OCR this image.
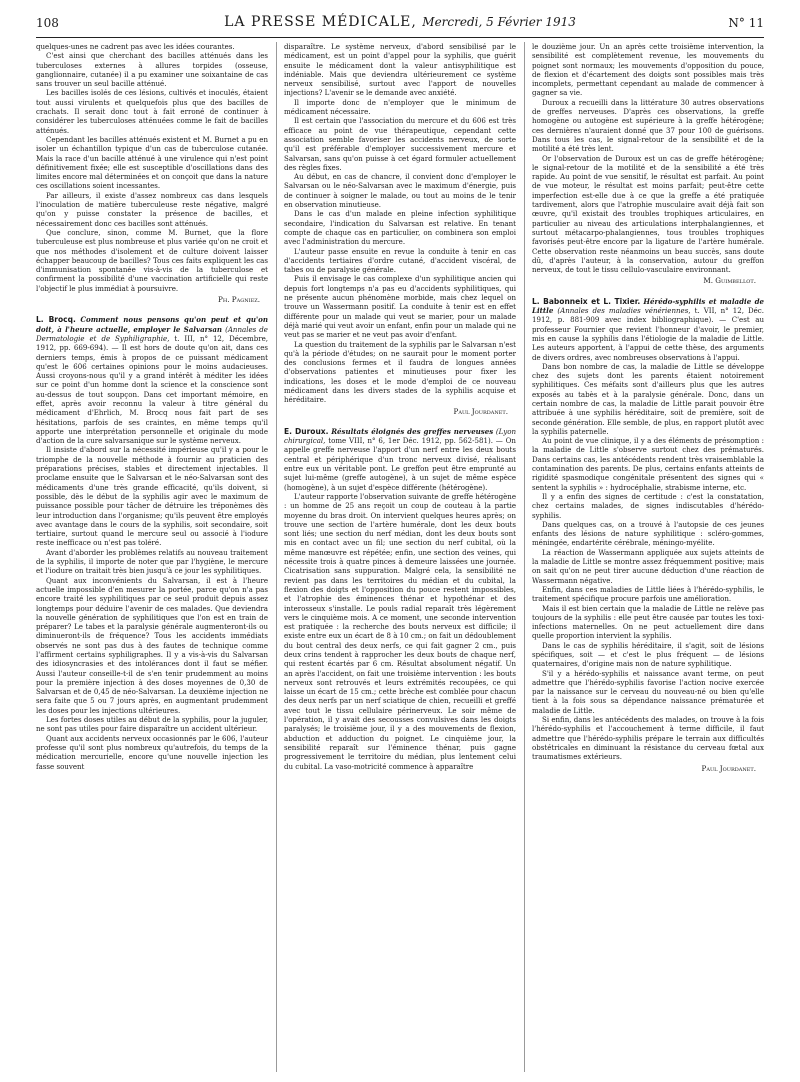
108	LA PRESSE MÉDICALE, Mercredi, 5 Février 1913	N° 11

quelques-unes ne cadrent pas avec les idées courantes.

C'est ainsi que cherchant des bacilles atténués dans les tuberculoses externes à allures torpides (osseuse, ganglionnaire, cutanée) il a pu examiner une soixantaine de cas sans trouver un seul bacille atténué.

Les bacilles isolés de ces lésions, cultivés et inoculés, étaient tout aussi virulents et quelquefois plus que des bacilles de crachats. Il serait donc tout à fait erroné de continuer à considérer les tuberculoses atténuées comme le fait de bacilles atténués.

Cependant les bacilles atténués existent et M. Burnet a pu en isoler un échantillon typique d'un cas de tuberculose cutanée. Mais la race d'un bacille atténué à une virulence qui n'est point définitivement fixée; elle est susceptible d'oscillations dans des limites encore mal déterminées et on conçoit que dans la nature ces oscillations soient incessantes.

Par ailleurs, il existe d'assez nombreux cas dans lesquels l'inoculation de matière tuberculeuse reste négative, malgré qu'on y puisse constater la présence de bacilles, et nécessairement donc ces bacilles sont atténués.

Que conclure, sinon, comme M. Burnet, que la flore tuberculeuse est plus nombreuse et plus variée qu'on ne croit et que nos méthodes d'isolement et de culture doivent laisser échapper beaucoup de bacilles? Tous ces faits expliquent les cas d'immunisation spontanée vis-à-vis de la tuberculose et confirment la possibilité d'une vaccination artificielle qui reste l'objectif le plus immédiat à poursuivre.

Ph. Pagniez.

L. Brocq. Comment nous pensons qu'on peut et qu'on doit, à l'heure actuelle, employer le Salvarsan (Annales de Dermatologie et de Syphiligraphie, t. III, n° 12, Décembre, 1912, pp. 669-694). — Il est hors de doute qu'on ait, dans ces derniers temps, émis à propos de ce puissant médicament qu'est le 606 certaines opinions pour le moins audacieuses. Aussi croyons-nous qu'il y a grand intérêt à méditer les idées sur ce point d'un homme dont la science et la conscience sont au-dessus de tout soupçon. Dans cet important mémoire, en effet, après avoir reconnu la valeur à titre général du médicament d'Ehrlich, M. Brocq nous fait part de ses hésitations, parfois de ses craintes, en même temps qu'il apporte une interprétation personnelle et originale du mode d'action de la cure salvarsanique sur le système nerveux.

Il insiste d'abord sur la nécessité impérieuse qu'il y a pour le triomphe de la nouvelle méthode à fournir au praticien des préparations précises, stables et directement injectables. Il proclame ensuite que le Salvarsan et le néo-Salvarsan sont des médicaments d'une très grande efficacité, qu'ils doivent, si possible, dès le début de la syphilis agir avec le maximum de puissance possible pour tâcher de détruire les tréponèmes dès leur introduction dans l'organisme; qu'ils peuvent être employés avec avantage dans le cours de la syphilis, soit secondaire, soit tertiaire, surtout quand le mercure seul ou associé à l'iodure reste inefficace ou n'est pas toléré.

Avant d'aborder les problèmes relatifs au nouveau traitement de la syphilis, il importe de noter que par l'hygiène, le mercure et l'iodure on traitait très bien jusqu'à ce jour les syphilitiques.

Quant aux inconvénients du Salvarsan, il est à l'heure actuelle impossible d'en mesurer la portée, parce qu'on n'a pas encore traité les syphilitiques par ce seul produit depuis assez longtemps pour déduire l'avenir de ces malades. Que deviendra la nouvelle génération de syphilitiques que l'on est en train de préparer? Le tabes et la paralysie générale augmenteront-ils ou diminueront-ils de fréquence? Tous les accidents immédiats observés ne sont pas dus à des fautes de technique comme l'affirment certains syphiligraphes. Il y a vis-à-vis du Salvarsan des idiosyncrasies et des intolérances dont il faut se méfier. Aussi l'auteur conseille-t-il de s'en tenir prudemment au moins pour la première injection à des doses moyennes de 0,30 de Salvarsan et de 0,45 de néo-Salvarsan. La deuxième injection ne sera faite que 5 ou 7 jours après, en augmentant prudemment les doses pour les injections ultérieures.

Les fortes doses utiles au début de la syphilis, pour la juguler, ne sont pas utiles pour faire disparaître un accident ultérieur.

Quant aux accidents nerveux occasionnés par le 606, l'auteur professe qu'il sont plus nombreux qu'autrefois, du temps de la médication mercurielle, encore qu'une nouvelle injection les fasse souvent

disparaître. Le système nerveux, d'abord sensibilisé par le médicament, est un point d'appel pour la syphilis, que guérit ensuite le médicament dont la valeur antisyphilitique est indéniable. Mais que deviendra ultérieurement ce système nerveux sensibilisé, surtout avec l'apport de nouvelles injections? L'avenir se le demande avec anxiété.

Il importe donc de n'employer que le minimum de médicament nécessaire.

Il est certain que l'association du mercure et du 606 est très efficace au point de vue thérapeutique, cependant cette association semble favoriser les accidents nerveux, de sorte qu'il est préférable d'employer successivement mercure et Salvarsan, sans qu'on puisse à cet égard formuler actuellement des règles fixes.

Au début, en cas de chancre, il convient donc d'employer le Salvarsan ou le néo-Salvarsan avec le maximum d'énergie, puis de continuer à soigner le malade, ou tout au moins de le tenir en observation minutieuse.

Dans le cas d'un malade en pleine infection syphilitique secondaire, l'indication du Salvarsan est relative. En tenant compte de chaque cas en particulier, on combinera son emploi avec l'administration du mercure.

L'auteur passe ensuite en revue la conduite à tenir en cas d'accidents tertiaires d'ordre cutané, d'accident viscéral, de tabes ou de paralysie générale.

Puis il envisage le cas complexe d'un syphilitique ancien qui depuis fort longtemps n'a pas eu d'accidents syphilitiques, qui ne présente aucun phénomène morbide, mais chez lequel on trouve un Wassermann positif. La conduite à tenir est en effet différente pour un malade qui veut se marier, pour un malade déjà marié qui veut avoir un enfant, enfin pour un malade qui ne veut pas se marier et ne veut pas avoir d'enfant.

La question du traitement de la syphilis par le Salvarsan n'est qu'à la période d'études; on ne saurait pour le moment porter des conclusions fermes et il faudra de longues années d'observations patientes et minutieuses pour fixer les indications, les doses et le mode d'emploi de ce nouveau médicament dans les divers stades de la syphilis acquise et héréditaire.

Paul Jourdanet.

E. Duroux. Résultats éloignés des greffes nerveuses (Lyon chirurgical, tome VIII, n° 6, 1er Déc. 1912, pp. 562-581). — On appelle greffe nerveuse l'apport d'un nerf entre les deux bouts central et périphérique d'un tronc nerveux divisé, réalisant entre eux un véritable pont. Le greffon peut être emprunté au sujet lui-même (greffe autogène), à un sujet de même espèce (homogène), à un sujet d'espèce différente (hétérogène).

L'auteur rapporte l'observation suivante de greffe hétérogène : un homme de 25 ans reçoit un coup de couteau à la partie moyenne du bras droit. On intervient quelques heures après; on trouve une section de l'artère humérale, dont les deux bouts sont liés; une section du nerf médian, dont les deux bouts sont mis en contact avec un fil; une section du nerf cubital, où la même manœuvre est répétée; enfin, une section des veines, qui nécessite trois à quatre pinces à demeure laissées une journée. Cicatrisation sans suppuration. Malgré cela, la sensibilité ne revient pas dans les territoires du médian et du cubital, la flexion des doigts et l'opposition du pouce restent impossibles, et l'atrophie des éminences thénar et hypothénar et des interosseux s'installe. Le pouls radial reparaît très légèrement vers le cinquième mois. A ce moment, une seconde intervention est pratiquée : la recherche des bouts nerveux est difficile; il existe entre eux un écart de 8 à 10 cm.; on fait un dédoublement du bout central des deux nerfs, ce qui fait gagner 2 cm., puis deux crins tendent à rapprocher les deux bouts de chaque nerf, qui restent écartés par 6 cm. Résultat absolument négatif. Un an après l'accident, on fait une troisième intervention : les bouts nerveux sont retrouvés et leurs extrémités recoupées, ce qui laisse un écart de 15 cm.; cette brèche est comblée pour chacun des deux nerfs par un nerf sciatique de chien, recueilli et greffé avec tout le tissu cellulaire périnerveux. Le soir même de l'opération, il y avait des secousses convulsives dans les doigts paralysés; le troisième jour, il y a des mouvements de flexion, abduction et adduction du poignet. Le cinquième jour, la sensibilité reparaît sur l'éminence thénar, puis gagne progressivement le territoire du médian, plus lentement celui du cubital. La vaso-motricité commence à apparaître

le douzième jour. Un an après cette troisième intervention, la sensibilité est complètement revenue, les mouvements du poignet sont normaux; les mouvements d'opposition du pouce, de flexion et d'écartement des doigts sont possibles mais très incomplets, permettant cependant au malade de commencer à gagner sa vie.

Duroux a recueilli dans la littérature 30 autres observations de greffes nerveuses. D'après ces observations, la greffe homogène ou autogène est supérieure à la greffe hétérogène; ces dernières n'auraient donné que 37 pour 100 de guérisons. Dans tous les cas, le signal-retour de la sensibilité et de la motilité a été très lent.

Or l'observation de Duroux est un cas de greffe hétérogène; le signal-retour de la motilité et de la sensibilité a été très rapide. Au point de vue sensitif, le résultat est parfait. Au point de vue moteur, le résultat est moins parfait; peut-être cette imperfection est-elle due à ce que la greffe a été pratiquée tardivement, alors que l'atrophie musculaire avait déjà fait son œuvre, qu'il existait des troubles trophiques articulaires, en particulier au niveau des articulations interphalangiennes, et surtout métacarpo-phalangiennes, tous troubles trophiques favorisés peut-être encore par la ligature de l'artère humérale. Cette observation reste néanmoins un beau succès, sans doute dû, d'après l'auteur, à la conservation, autour du greffon nerveux, de tout le tissu cellulo-vasculaire environnant.

M. Guimbellot.

L. Babonneix et L. Tixier. Hérédo-syphilis et maladie de Little (Annales des maladies vénériennes, t. VII, n° 12, Déc. 1912, p. 881-909 avec index bibliographique). — C'est au professeur Fournier que revient l'honneur d'avoir, le premier, mis en cause la syphilis dans l'étiologie de la maladie de Little. Les auteurs apportent, à l'appui de cette thèse, des arguments de divers ordres, avec nombreuses observations à l'appui.

Dans bon nombre de cas, la maladie de Little se développe chez des sujets dont les parents étaient notoirement syphilitiques. Ces méfaits sont d'ailleurs plus que les autres exposés au tabès et à la paralysie générale. Donc, dans un certain nombre de cas, la maladie de Little parait pouvoir être attribuée à une syphilis héréditaire, soit de première, soit de seconde génération. Elle semble, de plus, en rapport plutôt avec la syphilis paternelle.

Au point de vue clinique, il y a des éléments de présomption : la maladie de Little s'observe surtout chez des prématurés. Dans certains cas, les antécédents rendent très vraisemblable la contamination des parents. De plus, certains enfants atteints de rigidité spasmodique congénitale présentent des signes qui « sentent la syphilis » : hydrocéphalie, strabisme interne, etc.

Il y a enfin des signes de certitude : c'est la constatation, chez certains malades, de signes indiscutables d'hérédo-syphilis.

Dans quelques cas, on a trouvé à l'autopsie de ces jeunes enfants des lésions de nature syphilitique : scléro-gommes, méningée, endartérite cérébrale, méningo-myélite.

La réaction de Wassermann appliquée aux sujets atteints de la maladie de Little se montre assez fréquemment positive; mais on sait qu'on ne peut tirer aucune déduction d'une réaction de Wassermann négative.

Enfin, dans ces maladies de Little liées à l'hérédo-syphilis, le traitement spécifique procure parfois une amélioration.

Mais il est bien certain que la maladie de Little ne relève pas toujours de la syphilis : elle peut être causée par toutes les toxi-infections maternelles. On ne peut actuellement dire dans quelle proportion intervient la syphilis.

Dans le cas de syphilis héréditaire, il s'agit, soit de lésions spécifiques, soit — et c'est le plus fréquent — de lésions quaternaires, d'origine mais non de nature syphilitique.

S'il y a hérédo-syphilis et naissance avant terme, on peut admettre que l'hérédo-syphilis favorise l'action nocive exercée par la naissance sur le cerveau du nouveau-né ou bien qu'elle tient à la fois sous sa dépendance naissance prématurée et maladie de Little.

Si enfin, dans les antécédents des malades, on trouve à la fois l'hérédo-syphilis et l'accouchement à terme difficile, il faut admettre que l'hérédo-syphilis prépare le terrain aux difficultés obstétricales en diminuant la résistance du cerveau fœtal aux traumatismes extérieurs.

Paul Jourdanet.
